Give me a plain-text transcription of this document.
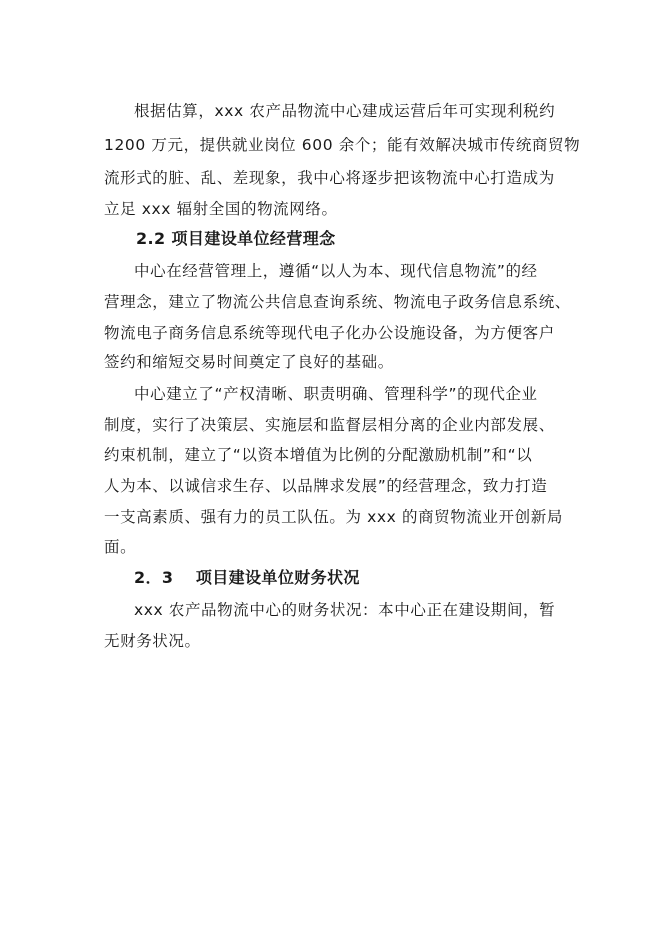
根据估算，xxx 农产品物流中心建成运营后年可实现利税约
1200 万元，提供就业岗位 600 余个；能有效解决城市传统商贸物
流形式的脏、乱、差现象，我中心将逐步把该物流中心打造成为
立足 xxx 辐射全国的物流网络。
2.2 项目建设单位经营理念
中心在经营管理上，遵循“以人为本、现代信息物流”的经
营理念，建立了物流公共信息查询系统、物流电子政务信息系统、
物流电子商务信息系统等现代电子化办公设施设备，为方便客户
签约和缩短交易时间奠定了良好的基础。
中心建立了“产权清晰、职责明确、管理科学”的现代企业
制度，实行了决策层、实施层和监督层相分离的企业内部发展、
约束机制，建立了“以资本增值为比例的分配激励机制”和“以
人为本、以诚信求生存、以品牌求发展”的经营理念，致力打造
一支高素质、强有力的员工队伍。为 xxx 的商贸物流业开创新局
面。
2．3　 项目建设单位财务状况
xxx 农产品物流中心的财务状况：本中心正在建设期间，暂
无财务状况。
